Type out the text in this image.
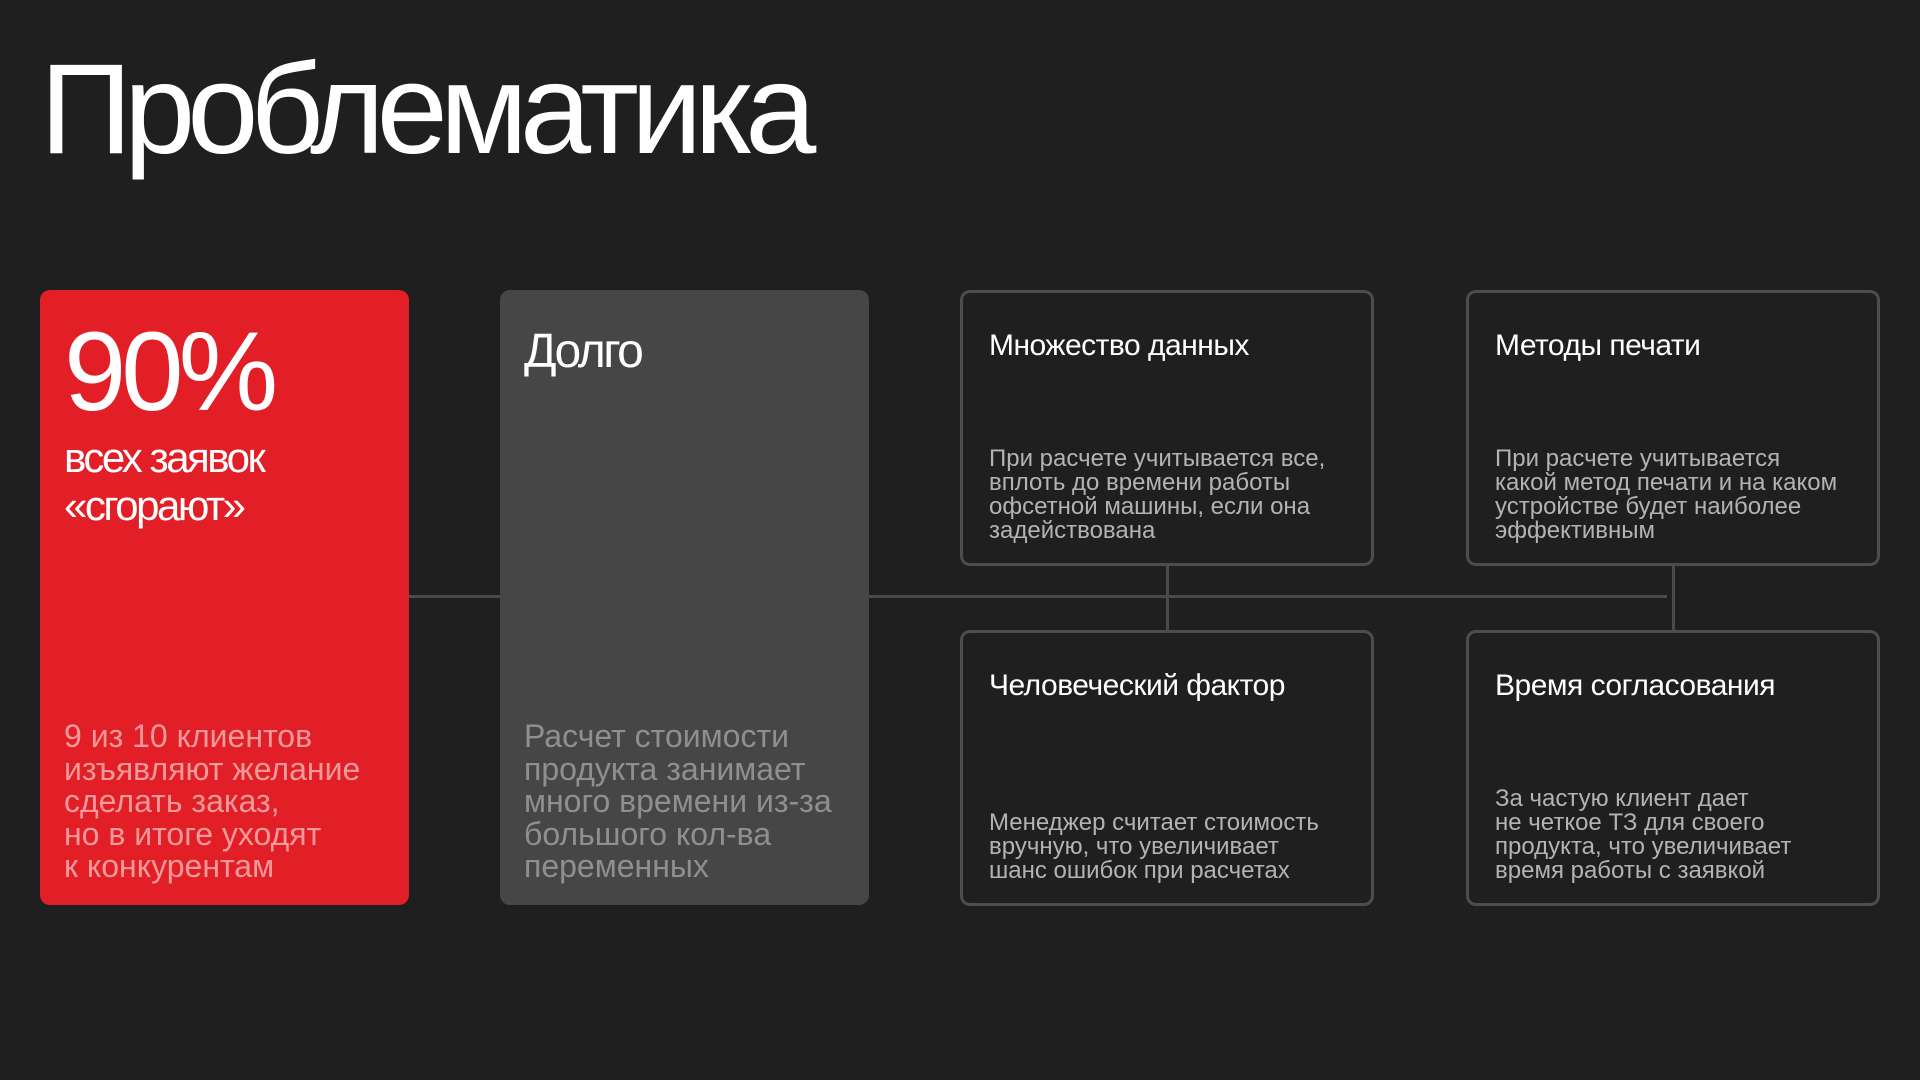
Проблематика
90%
всех заявок
«сгорают»
9 из 10 клиентов
изъявляют желание
сделать заказ,
но в итоге уходят
к конкурентам
Долго
Расчет стоимости
продукта занимает
много времени из-за
большого кол-ва
переменных
Множество данных
При расчете учитывается все,
вплоть до времени работы
офсетной машины, если она
задействована
Методы печати
При расчете учитывается
какой метод печати и на каком
устройстве будет наиболее
эффективным
Человеческий фактор
Менеджер считает стоимость
вручную, что увеличивает
шанс ошибок при расчетах
Время согласования
За частую клиент дает
не четкое ТЗ для своего
продукта, что увеличивает
время работы с заявкой
